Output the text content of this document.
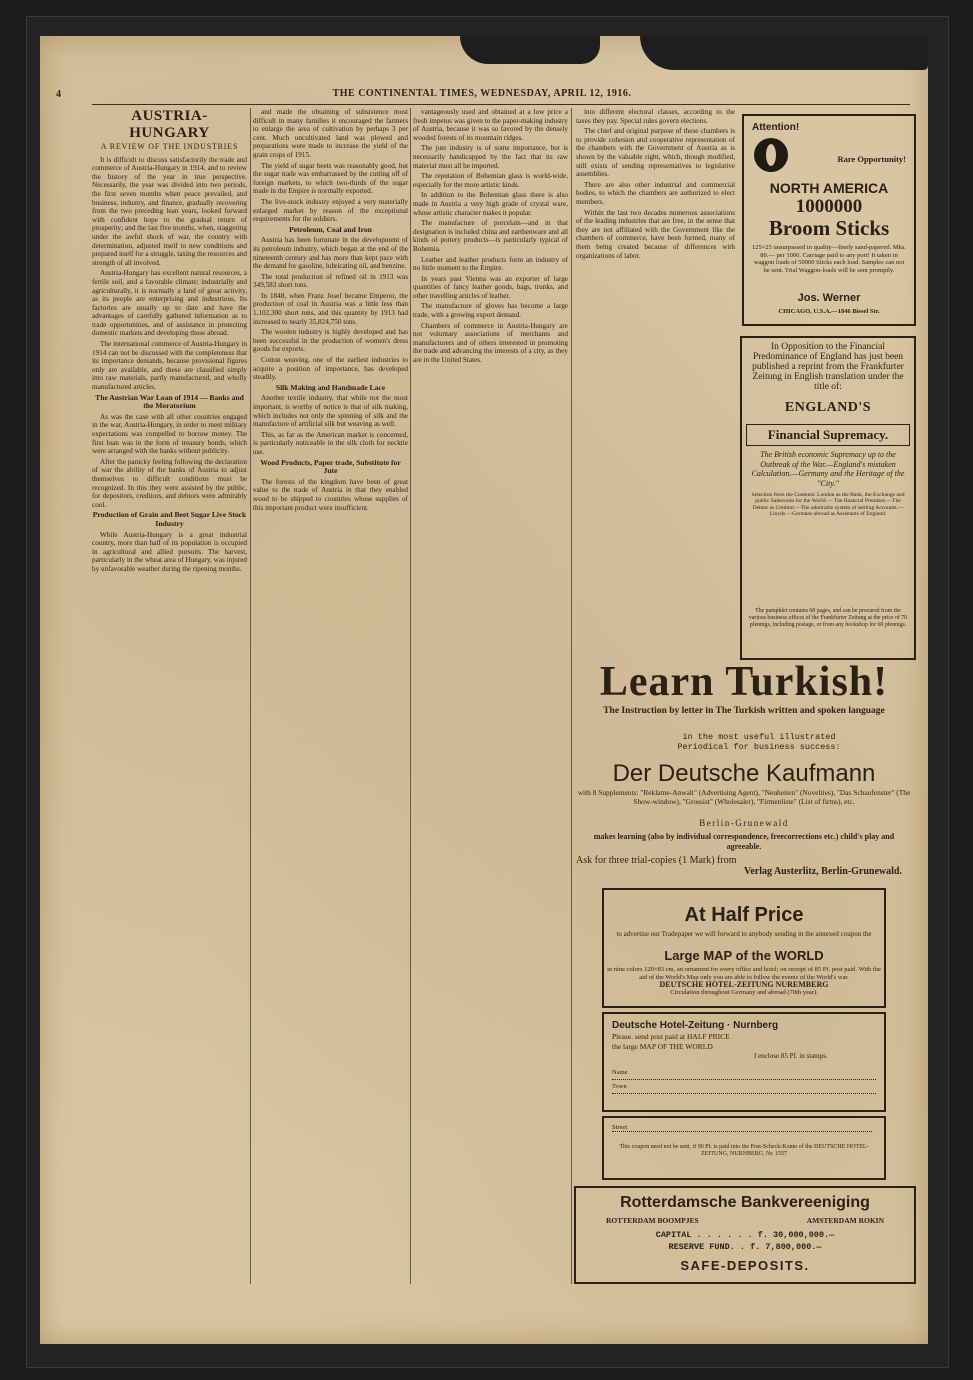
4	THE CONTINENTAL TIMES, WEDNESDAY, APRIL 12, 1916.
AUSTRIA-HUNGARY
A REVIEW OF THE INDUSTRIES

It is difficult to discuss satisfactorily the trade and commerce of Austria-Hungary in 1914, and to review the history of the year in true perspective. Necessarily, the year was divided into two periods, the first seven months when peace prevailed, and business, industry, and finance, gradually recovering from the two preceding lean years, looked forward with confident hope to the gradual return of prosperity; and the last five months, when, staggering under the awful shock of war, the country with determination, adjusted itself to new conditions and prepared itself for a struggle, taxing the resources and strength of all involved.

Austria-Hungary has excellent natural resources, a fertile soil, and a favorable climate; industrially and agriculturally, it is normally a land of great activity, as its people are enterprising and industrious. Its factories are usually up to date and have the advantages of carefully gathered information as to trade opportunities, and of assistance in protecting domestic markets and developing those abroad.

The international commerce of Austria-Hungary in 1914 can not be discussed with the completeness that its importance demands, because provisional figures only are available, and these are classified simply into raw materials, partly manufactured, and wholly manufactured articles.

The Austrian War Loan of 1914 — Banks and the Moratorium

As was the case with all other countries engaged in the war, Austria-Hungary, in order to meet military expectations was compelled to borrow money. The first loan was in the form of treasury bonds, which were arranged with the banks without publicity.

After the panicky feeling following the declaration of war the ability of the banks of Austria to adjust themselves to difficult conditions must be recognized. In this they were assisted by the public, for depositors, creditors, and debtors were admirably cool.

Production of Grain and Beet Sugar Live Stock Industry

While Austria-Hungary is a great industrial country, more than half of its population is occupied in agricultural and allied pursuits. The harvest, particularly in the wheat area of Hungary, was injured by unfavorable weather during the ripening months.

and made the obtaining of subsistence most difficult in many families it encouraged the farmers to enlarge the area of cultivation by perhaps 3 per cent. Much uncultivated land was plowed and preparations were made to increase the yield of the grain crops of 1915.

The yield of sugar beets was reasonably good, but the sugar trade was embarrassed by the cutting off of foreign markets, to which two-thirds of the sugar made in the Empire is normally exported.

The live-stock industry enjoyed a very materially enlarged market by reason of the exceptional requirements for the soldiers.

Petroleum, Coal and Iron

Austria has been fortunate in the development of its petroleum industry, which began at the end of the nineteenth century and has more than kept pace with the demand for gasoline, lubricating oil, and benzine.

The total production of refined oil in 1913 was 349,583 short tons.

In 1848, when Franz Josef became Emperor, the production of coal in Austria was a little less than 1,102,300 short tons, and this quantity by 1913 had increased to nearly 35,824,750 tons.

The woolen industry is highly developed and has been successful in the production of women's dress goods for exports.

Cotton weaving, one of the earliest industries to acquire a position of importance, has developed steadily.

Silk Making and Handmade Lace

Another textile industry, that while not the most important, is worthy of notice is that of silk making, which includes not only the spinning of silk and the manufacture of artificial silk but weaving as well.

This, as far as the American market is concerned, is particularly noticeable in the silk cloth for necktie use.

Wood Products, Paper trade, Substitute for Jute

The forests of the kingdom have been of great value to the trade of Austria in that they enabled wood to be shipped to countries whose supplies of this important product were insufficient.

vantageously used and obtained at a low price a fresh impetus was given to the paper-making industry of Austria, because it was so favored by the densely wooded forests of its mountain ridges.

The jute industry is of some importance, but is necessarily handicapped by the fact that its raw material must all be imported.

The reputation of Bohemian glass is world-wide, especially for the more artistic kinds.

In addition to the Bohemian glass there is also made in Austria a very high grade of crystal ware, whose artistic character makes it popular.

The manufacture of porcelain—and in that designation is included china and earthenware and all kinds of pottery products—is particularly typical of Bohemia.

Leather and leather products form an industry of no little moment to the Empire.

In years past Vienna was an exporter of large quantities of fancy leather goods, bags, trunks, and other travelling articles of leather.

The manufacture of gloves has become a large trade, with a growing export demand.

Chambers of commerce in Austria-Hungary are not voluntary associations of merchants and manufacturers and of others interested in promoting the trade and advancing the interests of a city, as they are in the United States.

into different electoral classes, according to the taxes they pay. Special rules govern elections.

The chief and original purpose of these chambers is to provide cohesion and cooperative representation of the chambers with the Government of Austria as is shown by the valuable right, which, though modified, still exists of sending representatives to legislative assemblies.

There are also other industrial and commercial bodies, to which the chambers are authorized to elect members.

Within the last two decades numerous associations of the leading industries that are free, in the sense that they are not affiliated with the Government like the chambers of commerce, have been formed, many of them being created because of differences with organizations of labor.

Attention!
Rare Opportunity!
NORTH AMERICA
1000000
Broom Sticks
125×25 unsurpassed in quality—finely sand-papered. Mks. 80.— per 1000. Carriage paid to any port! It taken in waggon loads of 50000 Sticks each load. Samples can not be sent. Trial Waggon-loads will be sent promptly.
Jos. Werner
CHICAGO, U.S.A.—1846 Bissel Str.
In Opposition to the Financial Predominance of England has just been published a reprint from the Frankfurter Zeitung in English translation under the title of:
ENGLAND'S
Financial Supremacy.
The British economic Supremacy up to the Outbreak of the War.—England's mistaken Calculation.—Germany and the Heritage of the "City."
Selection from the Contents: London as the Bank, the Exchange and public Salesroom for the World.— The financial Premises.—The Debtor as Creditor.—The admirable system of settling Accounts.—Lloyds.—Germans abroad as Assistants of England.
The pamphlet contains 68 pages, and can be procured from the various business offices of the Frankfurter Zeitung at the price of 70 pfennigs, including postage, or from any bookshop for 60 pfennigs.
Learn Turkish!
The Instruction by letter in The Turkish written and spoken language
in the most useful illustrated Periodical for business success:
Der Deutsche Kaufmann
with 8 Supplements: "Reklame-Anwalt" (Advertising Agent), "Neuheiten" (Novelties), "Das Schaufenster" (The Show-window), "Grossist" (Wholesaler), "Firmenliste" (List of firms), etc.
Berlin-Grunewald
makes learning (also by individual correspondence, freecorrections etc.) child's play and agreeable.
Ask for three trial-copies (1 Mark) from
Verlag Austerlitz, Berlin-Grunewald.
At Half Price
to advertise our Tradepaper we will forward to anybody sending in the annexed coupon the
Large MAP of the WORLD
in nine colors 120×83 cm, an ornament for every office and hotel; on receipt of 85 Pf. post paid. With the aid of the World's Map only you are able to follow the events of the World's war.
DEUTSCHE HOTEL-ZEITUNG NUREMBERG
Circulation throughout Germany and abroad (70th year).
Deutsche Hotel-Zeitung · Nurnberg
Please. send post paid at HALF PRICE
the large MAP OF THE WORLD
I enclose 85 Pf. in stamps.
Name
Town
Street
This coupon need not be sent, if 90 Pf. is paid into the Post-Scheck-Konto of the DEUTSCHE HOTEL-ZEITUNG, NURNBERG, Nr. 1557
Rotterdamsche Bankvereeniging
ROTTERDAM BOOMPJES	AMSTERDAM ROKIN
CAPITAL . . . . . . f. 30,000,000.—
RESERVE FUND. . f. 7,800,000.—
SAFE-DEPOSITS.
